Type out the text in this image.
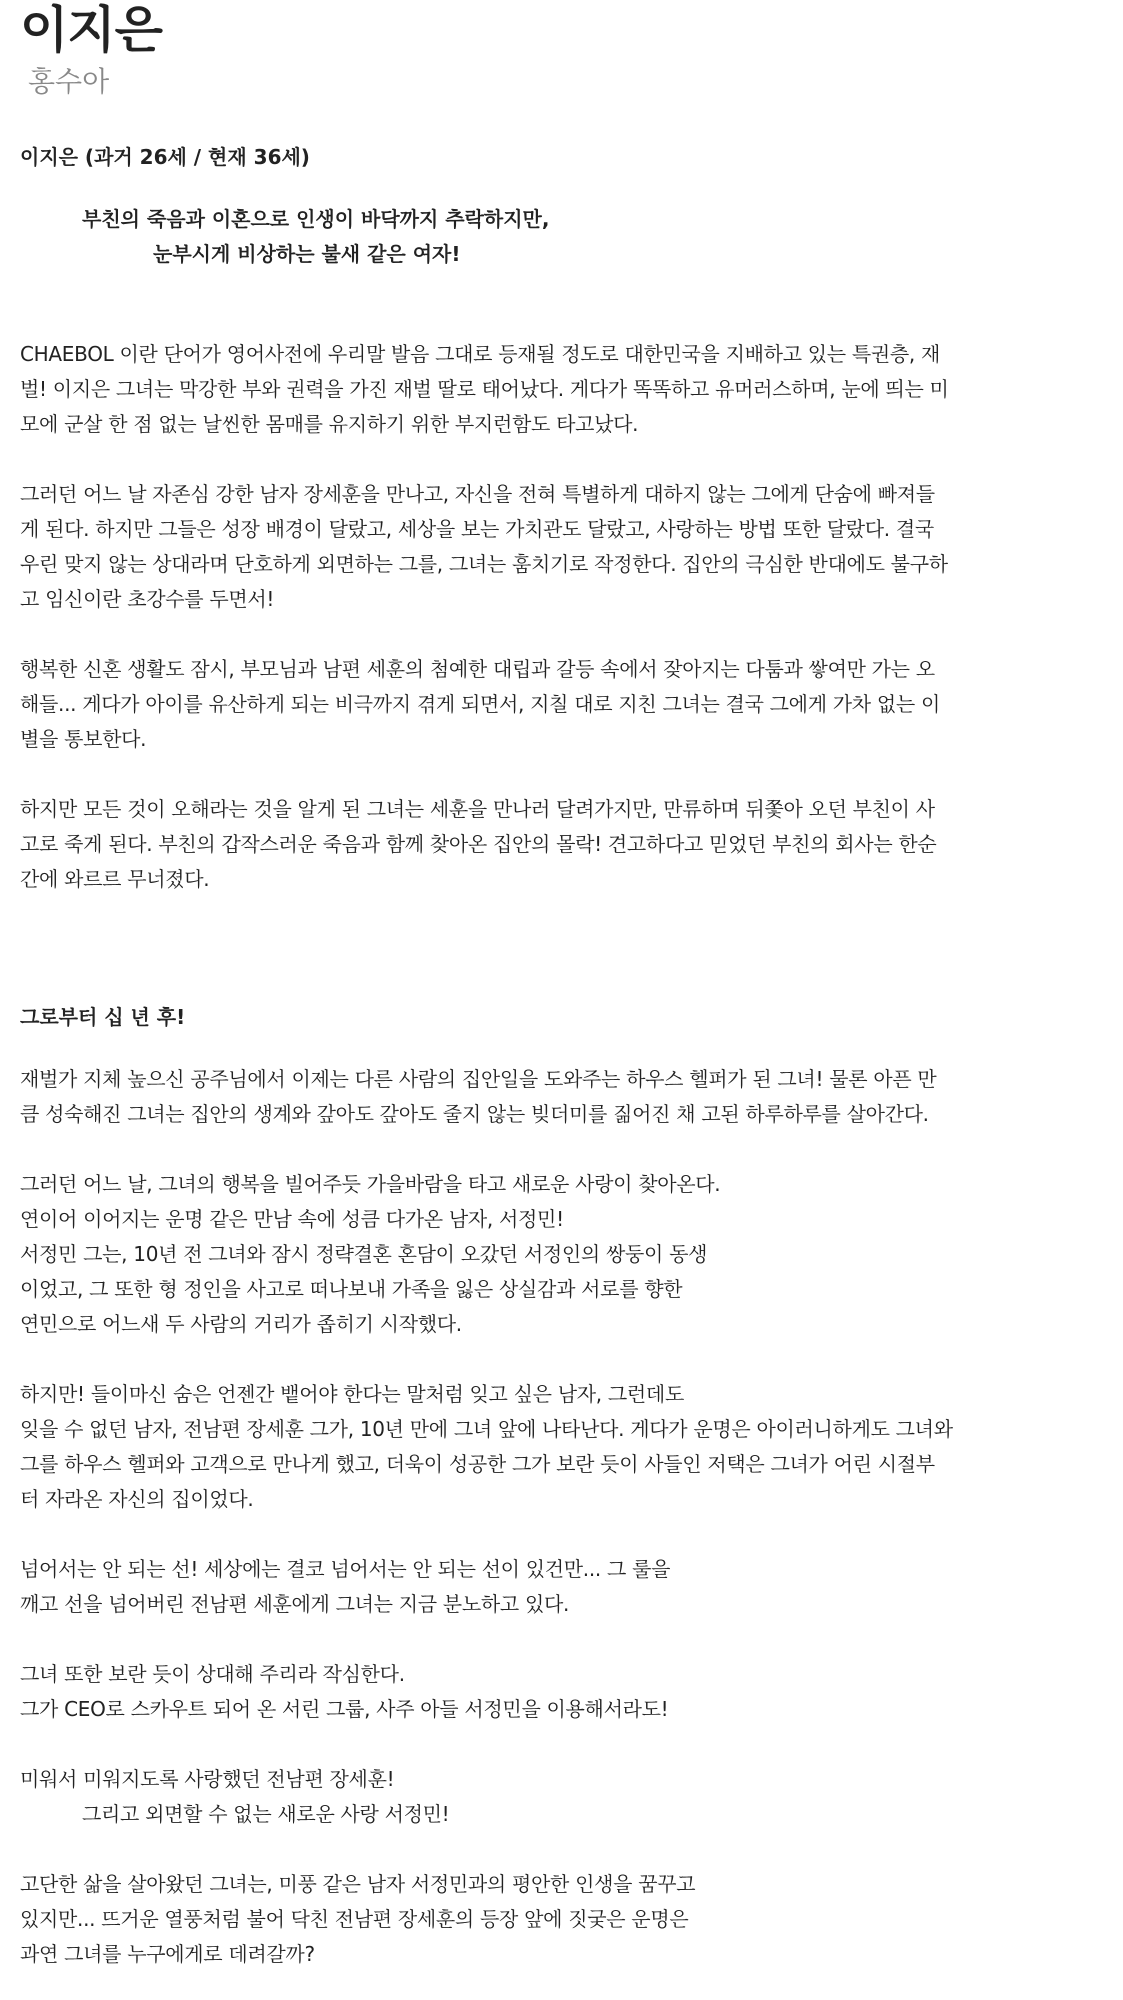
이지은
홍수아

이지은 (과거 26세 / 현재 36세)

부친의 죽음과 이혼으로 인생이 바닥까지 추락하지만,
눈부시게 비상하는 불새 같은 여자!

CHAEBOL 이란 단어가 영어사전에 우리말 발음 그대로 등재될 정도로 대한민국을 지배하고 있는 특권층, 재
벌! 이지은 그녀는 막강한 부와 권력을 가진 재벌 딸로 태어났다. 게다가 똑똑하고 유머러스하며, 눈에 띄는 미
모에 군살 한 점 없는 날씬한 몸매를 유지하기 위한 부지런함도 타고났다.

그러던 어느 날 자존심 강한 남자 장세훈을 만나고, 자신을 전혀 특별하게 대하지 않는 그에게 단숨에 빠져들
게 된다. 하지만 그들은 성장 배경이 달랐고, 세상을 보는 가치관도 달랐고, 사랑하는 방법 또한 달랐다. 결국
우린 맞지 않는 상대라며 단호하게 외면하는 그를, 그녀는 훔치기로 작정한다. 집안의 극심한 반대에도 불구하
고 임신이란 초강수를 두면서!

행복한 신혼 생활도 잠시, 부모님과 남편 세훈의 첨예한 대립과 갈등 속에서 잦아지는 다툼과 쌓여만 가는 오
해들... 게다가 아이를 유산하게 되는 비극까지 겪게 되면서, 지칠 대로 지친 그녀는 결국 그에게 가차 없는 이
별을 통보한다.

하지만 모든 것이 오해라는 것을 알게 된 그녀는 세훈을 만나러 달려가지만, 만류하며 뒤쫓아 오던 부친이 사
고로 죽게 된다. 부친의 갑작스러운 죽음과 함께 찾아온 집안의 몰락! 견고하다고 믿었던 부친의 회사는 한순
간에 와르르 무너졌다.

그로부터 십 년 후!

재벌가 지체 높으신 공주님에서 이제는 다른 사람의 집안일을 도와주는 하우스 헬퍼가 된 그녀! 물론 아픈 만
큼 성숙해진 그녀는 집안의 생계와 갚아도 갚아도 줄지 않는 빚더미를 짊어진 채 고된 하루하루를 살아간다.

그러던 어느 날, 그녀의 행복을 빌어주듯 가을바람을 타고 새로운 사랑이 찾아온다.
연이어 이어지는 운명 같은 만남 속에 성큼 다가온 남자, 서정민!
서정민 그는, 10년 전 그녀와 잠시 정략결혼 혼담이 오갔던 서정인의 쌍둥이 동생
이었고, 그 또한 형 정인을 사고로 떠나보내 가족을 잃은 상실감과 서로를 향한
연민으로 어느새 두 사람의 거리가 좁히기 시작했다.

하지만! 들이마신 숨은 언젠간 뱉어야 한다는 말처럼 잊고 싶은 남자, 그런데도
잊을 수 없던 남자, 전남편 장세훈 그가, 10년 만에 그녀 앞에 나타난다. 게다가 운명은 아이러니하게도 그녀와
그를 하우스 헬퍼와 고객으로 만나게 했고, 더욱이 성공한 그가 보란 듯이 사들인 저택은 그녀가 어린 시절부
터 자라온 자신의 집이었다.

넘어서는 안 되는 선! 세상에는 결코 넘어서는 안 되는 선이 있건만... 그 룰을
깨고 선을 넘어버린 전남편 세훈에게 그녀는 지금 분노하고 있다.

그녀 또한 보란 듯이 상대해 주리라 작심한다.
그가 CEO로 스카우트 되어 온 서린 그룹, 사주 아들 서정민을 이용해서라도!

미워서 미워지도록 사랑했던 전남편 장세훈!
그리고 외면할 수 없는 새로운 사랑 서정민!

고단한 삶을 살아왔던 그녀는, 미풍 같은 남자 서정민과의 평안한 인생을 꿈꾸고
있지만... 뜨거운 열풍처럼 불어 닥친 전남편 장세훈의 등장 앞에 짓궂은 운명은
과연 그녀를 누구에게로 데려갈까?
